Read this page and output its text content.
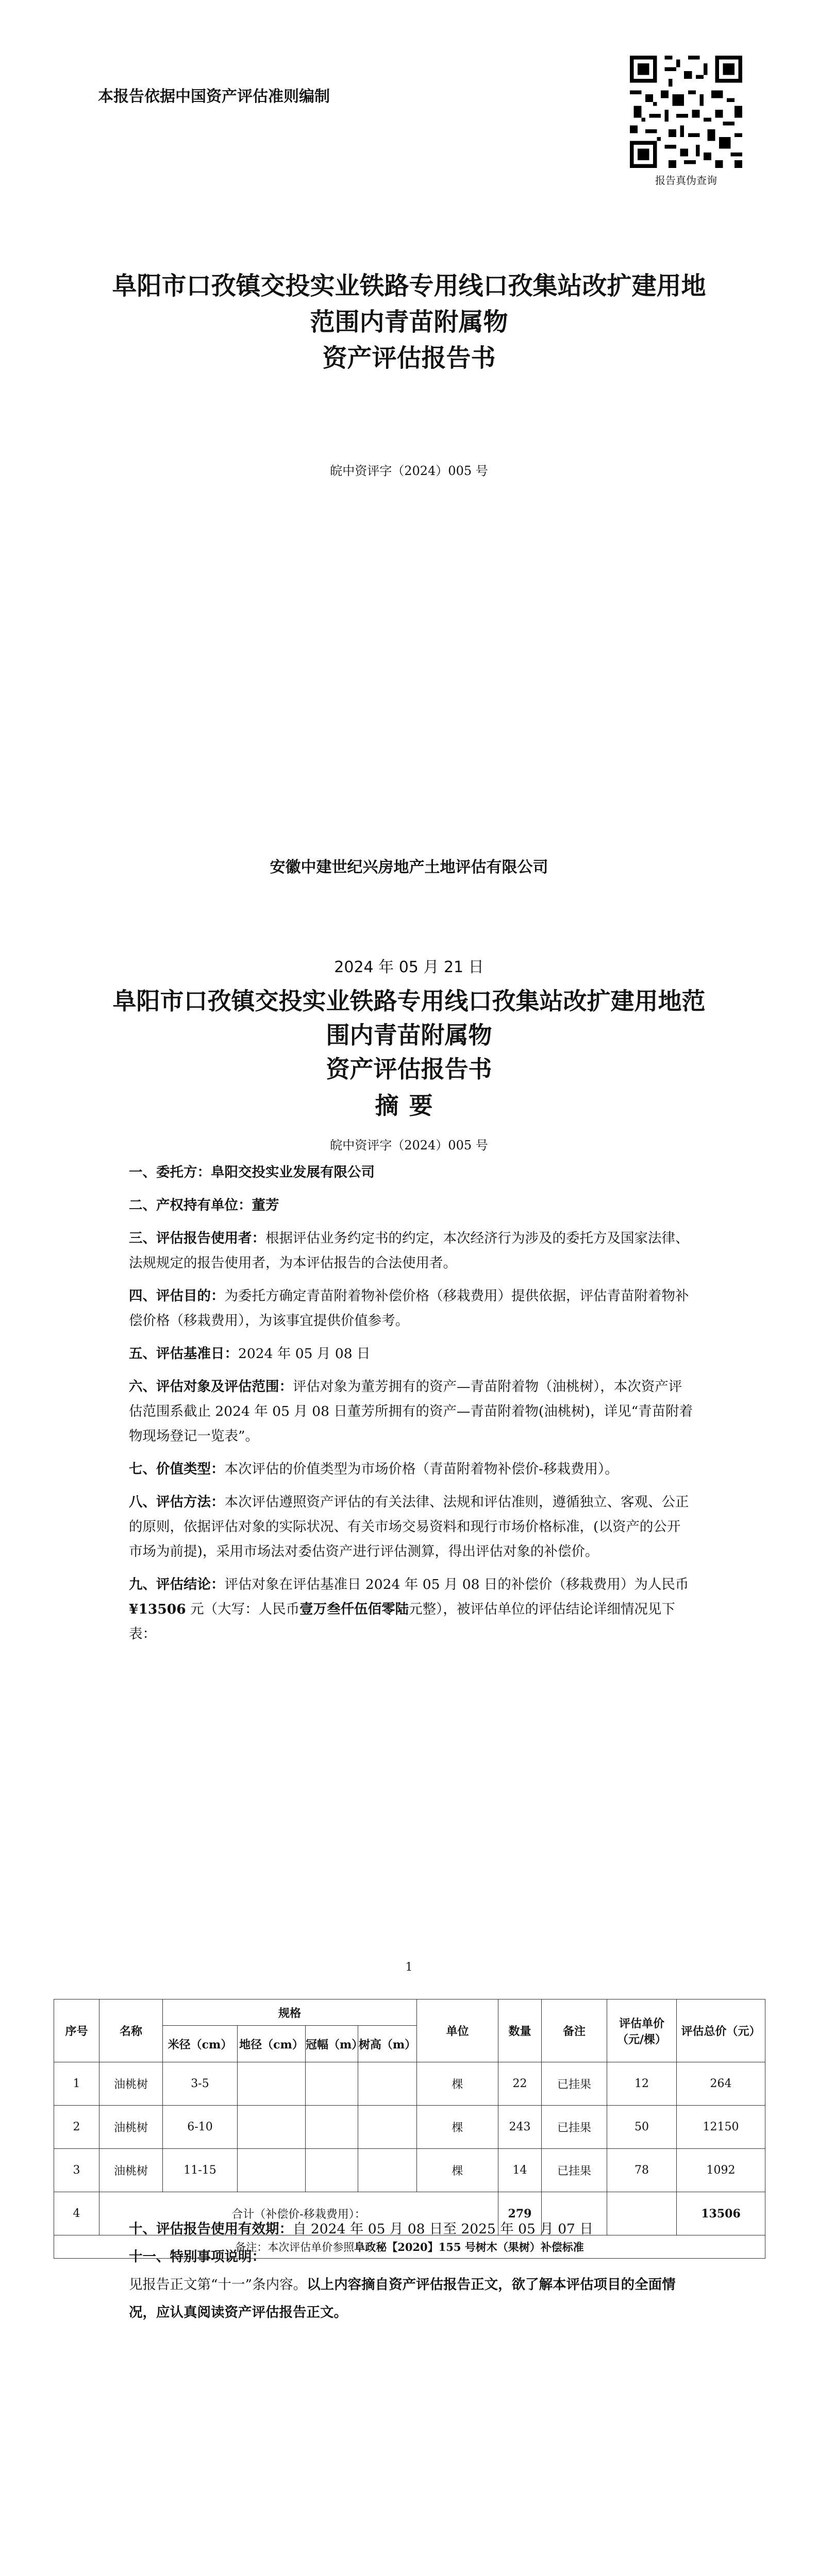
本报告依据中国资产评估准则编制
报告真伪查询
阜阳市口孜镇交投实业铁路专用线口孜集站改扩建用地
范围内青苗附属物
资产评估报告书
皖中资评字（2024）005 号
安徽中建世纪兴房地产土地评估有限公司
2024 年 05 月 21 日
阜阳市口孜镇交投实业铁路专用线口孜集站改扩建用地范
围内青苗附属物
资产评估报告书
摘要
皖中资评字（2024）005 号

一、委托方：阜阳交投实业发展有限公司

二、产权持有单位：董芳

三、评估报告使用者：根据评估业务约定书的约定，本次经济行为涉及的委托方及国家法律、法规规定的报告使用者，为本评估报告的合法使用者。

四、评估目的：为委托方确定青苗附着物补偿价格（移栽费用）提供依据，评估青苗附着物补偿价格（移栽费用），为该事宜提供价值参考。

五、评估基准日：2024 年 05 月 08 日

六、评估对象及评估范围：评估对象为董芳拥有的资产—青苗附着物（油桃树），本次资产评估范围系截止 2024 年 05 月 08 日董芳所拥有的资产—青苗附着物(油桃树)，详见“青苗附着物现场登记一览表”。

七、价值类型：本次评估的价值类型为市场价格（青苗附着物补偿价-移栽费用）。

八、评估方法：本次评估遵照资产评估的有关法律、法规和评估准则，遵循独立、客观、公正的原则，依据评估对象的实际状况、有关市场交易资料和现行市场价格标准，(以资产的公开市场为前提)，采用市场法对委估资产进行评估测算，得出评估对象的补偿价。

九、评估结论：评估对象在评估基准日 2024 年 05 月 08 日的补偿价（移栽费用）为人民币¥13506 元（大写：人民币壹万叁仟伍佰零陆元整），被评估单位的评估结论详细情况见下表：

1
序号	名称	规格				单位	数量	备注	评估单价（元/棵）	评估总价（元）
		米径（cm）	地径（cm）	冠幅（m）	树高（m）					
1	油桃树	3-5				棵	22	已挂果	12	264
2	油桃树	6-10				棵	243	已挂果	50	12150
3	油桃树	11-15				棵	14	已挂果	78	1092
4	合计（补偿价-移栽费用）：						279			13506
备注：本次评估单价参照阜政秘【2020】155 号树木（果树）补偿标准										

十、评估报告使用有效期：自 2024 年 05 月 08 日至 2025 年 05 月 07 日

十一、特别事项说明：

见报告正文第“十一”条内容。以上内容摘自资产评估报告正文，欲了解本评估项目的全面情况，应认真阅读资产评估报告正文。
